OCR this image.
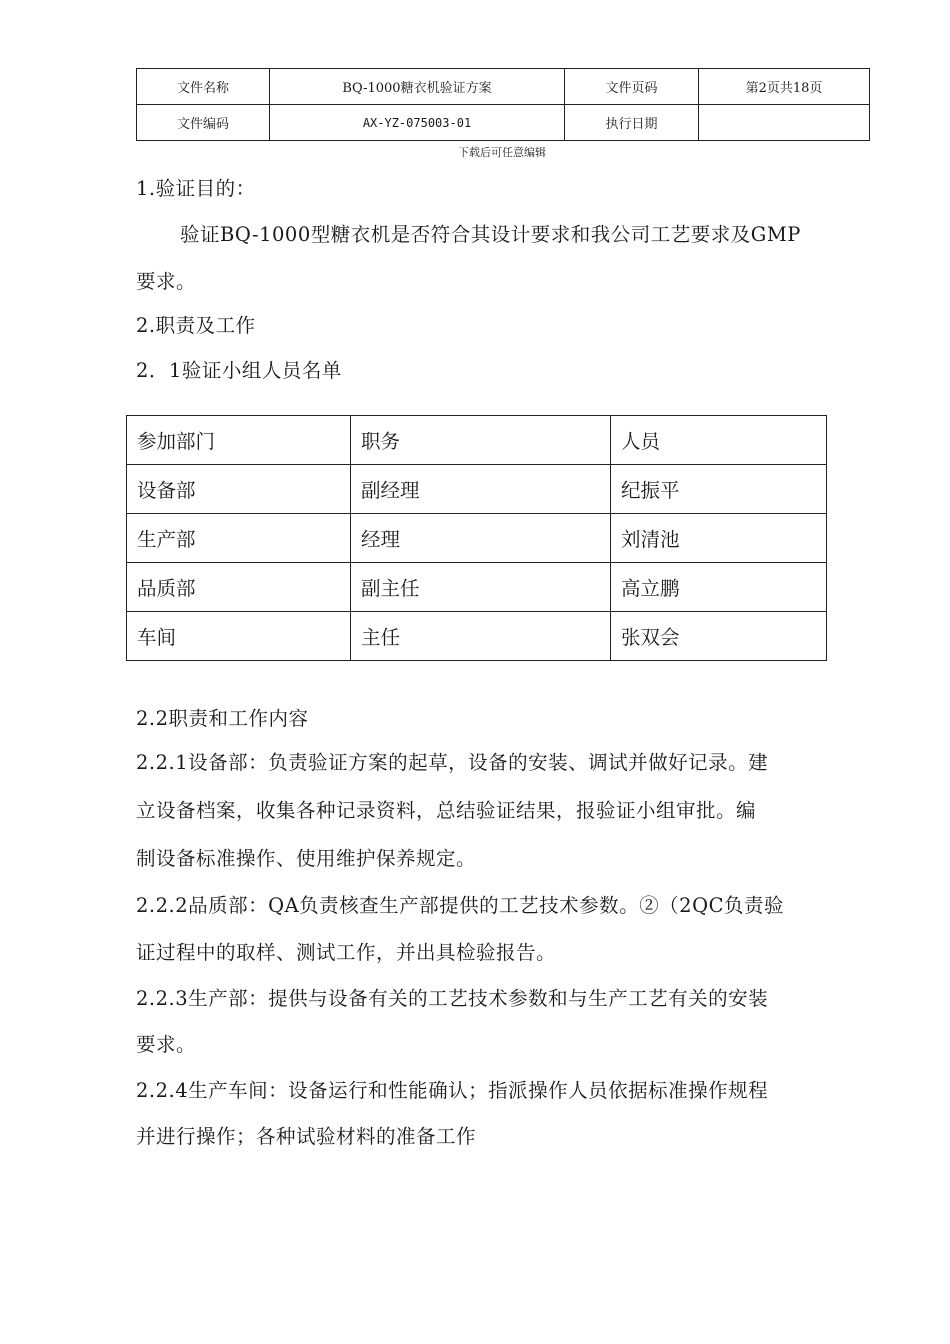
文件名称	BQ-1000糖衣机验证方案	文件页码	第2页共18页
文件编码	AX-YZ-075003-01	执行日期	
下载后可任意编辑
1.验证目的：
验证BQ-1000型糖衣机是否符合其设计要求和我公司工艺要求及GMP
要求。
2.职责及工作
2．1验证小组人员名单
参加部门	职务	人员
设备部	副经理	纪振平
生产部	经理	刘清池
品质部	副主任	高立鹏
车间	主任	张双会
2.2职责和工作内容
2.2.1设备部：负责验证方案的起草，设备的安装、调试并做好记录。建
立设备档案，收集各种记录资料，总结验证结果，报验证小组审批。编
制设备标准操作、使用维护保养规定。
2.2.2品质部：QA负责核查生产部提供的工艺技术参数。②（2QC负责验
证过程中的取样、测试工作，并出具检验报告。
2.2.3生产部：提供与设备有关的工艺技术参数和与生产工艺有关的安装
要求。
2.2.4生产车间：设备运行和性能确认；指派操作人员依据标准操作规程
并进行操作；各种试验材料的准备工作
